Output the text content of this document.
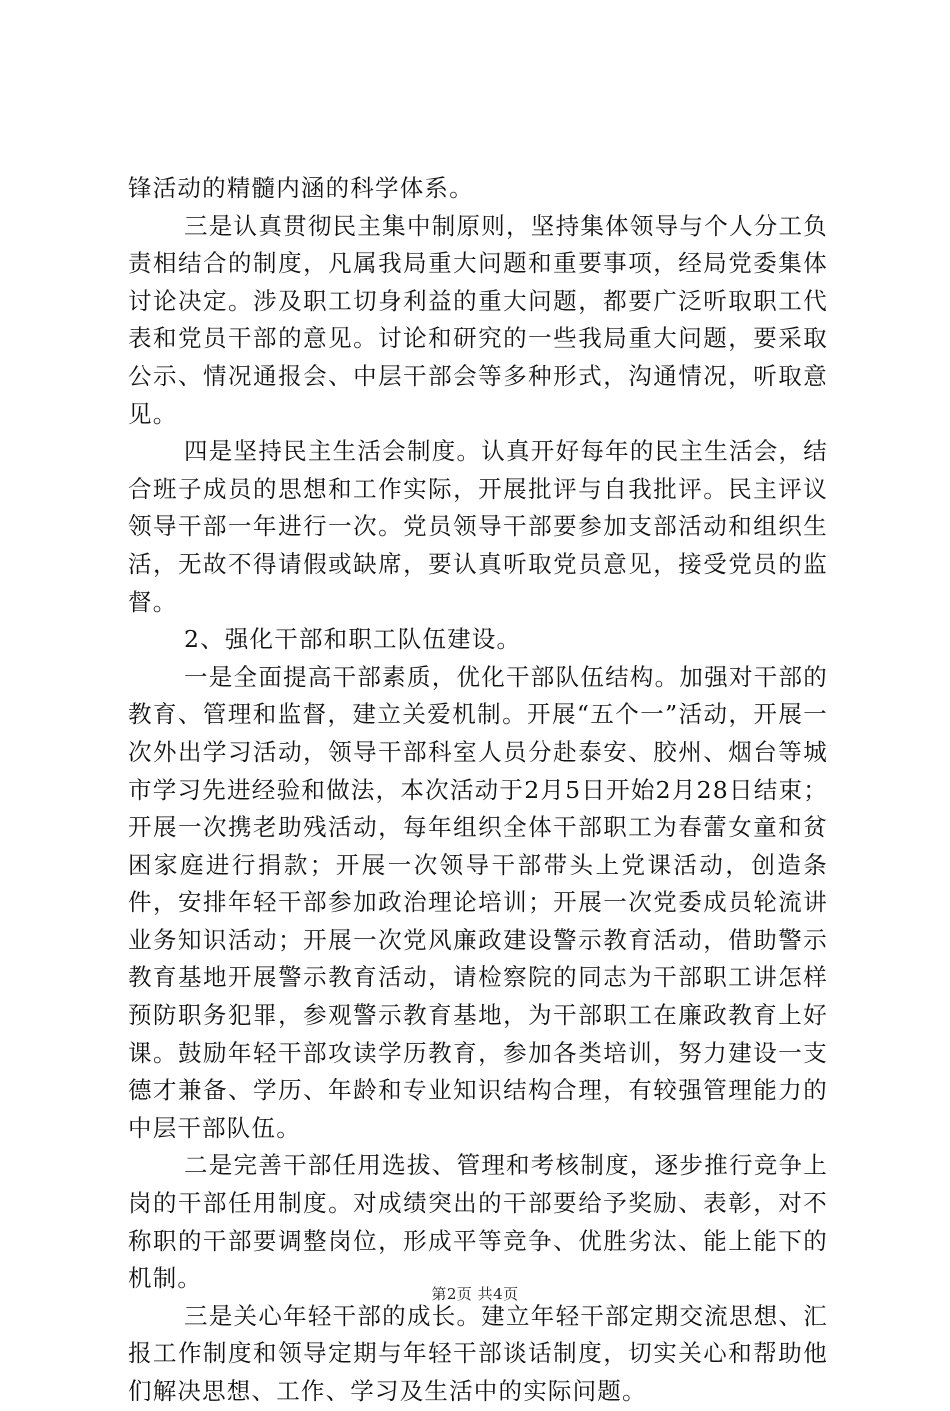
锋活动的精髓内涵的科学体系。

三是认真贯彻民主集中制原则，坚持集体领导与个人分工负责相结合的制度，凡属我局重大问题和重要事项，经局党委集体讨论决定。涉及职工切身利益的重大问题，都要广泛听取职工代表和党员干部的意见。讨论和研究的一些我局重大问题，要采取公示、情况通报会、中层干部会等多种形式，沟通情况，听取意见。

四是坚持民主生活会制度。认真开好每年的民主生活会，结合班子成员的思想和工作实际，开展批评与自我批评。民主评议领导干部一年进行一次。党员领导干部要参加支部活动和组织生活，无故不得请假或缺席，要认真听取党员意见，接受党员的监督。

2、强化干部和职工队伍建设。

一是全面提高干部素质，优化干部队伍结构。加强对干部的教育、管理和监督，建立关爱机制。开展“五个一”活动，开展一次外出学习活动，领导干部科室人员分赴泰安、胶州、烟台等城市学习先进经验和做法，本次活动于2月5日开始2月28日结束；开展一次携老助残活动，每年组织全体干部职工为春蕾女童和贫困家庭进行捐款；开展一次领导干部带头上党课活动，创造条件，安排年轻干部参加政治理论培训；开展一次党委成员轮流讲业务知识活动；开展一次党风廉政建设警示教育活动，借助警示教育基地开展警示教育活动，请检察院的同志为干部职工讲怎样预防职务犯罪，参观警示教育基地，为干部职工在廉政教育上好课。鼓励年轻干部攻读学历教育，参加各类培训，努力建设一支德才兼备、学历、年龄和专业知识结构合理，有较强管理能力的中层干部队伍。

二是完善干部任用选拔、管理和考核制度，逐步推行竞争上岗的干部任用制度。对成绩突出的干部要给予奖励、表彰，对不称职的干部要调整岗位，形成平等竞争、优胜劣汰、能上能下的机制。

三是关心年轻干部的成长。建立年轻干部定期交流思想、汇报工作制度和领导定期与年轻干部谈话制度，切实关心和帮助他们解决思想、工作、学习及生活中的实际问题。

第2页 共4页
